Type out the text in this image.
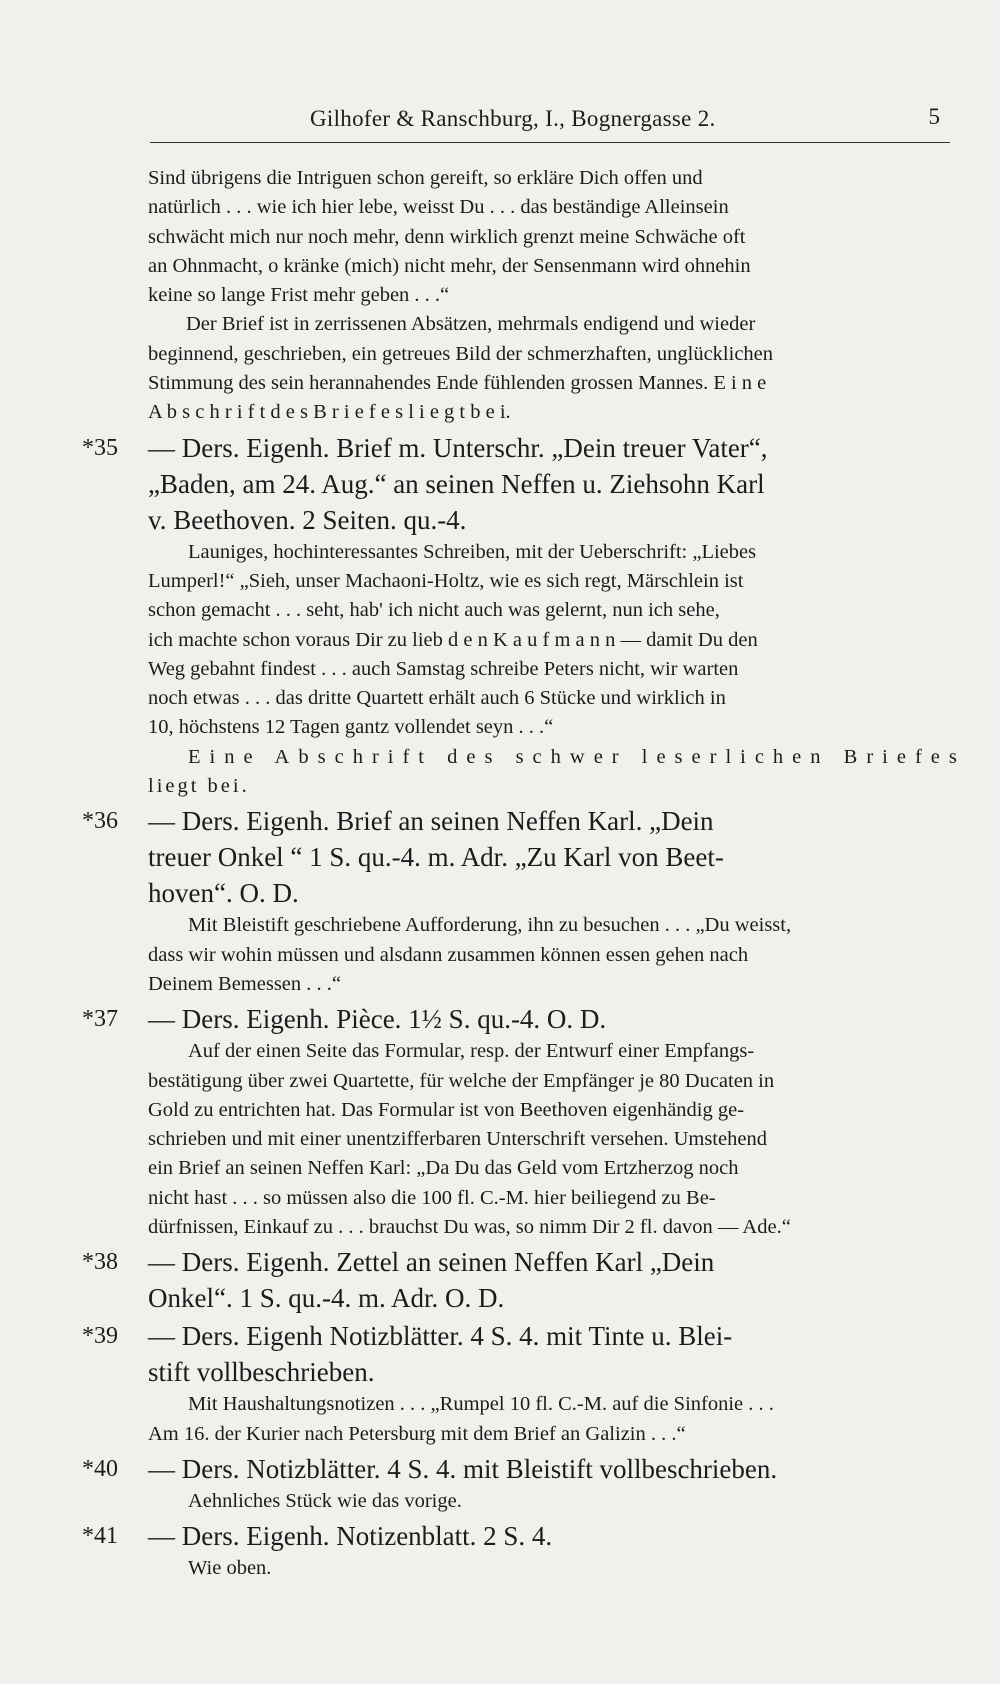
Gilhofer & Ranschburg, I., Bognergasse 2.	5
Sind übrigens die Intriguen schon gereift, so erkläre Dich offen und
natürlich . . . wie ich hier lebe, weisst Du . . . das beständige Alleinsein
schwächt mich nur noch mehr, denn wirklich grenzt meine Schwäche oft
an Ohnmacht, o kränke (mich) nicht mehr, der Sensenmann wird ohnehin
keine so lange Frist mehr geben . . .“
Der Brief ist in zerrissenen Absätzen, mehrmals endigend und wieder
beginnend, geschrieben, ein getreues Bild der schmerzhaften, unglücklichen
Stimmung des sein herannahendes Ende fühlenden grossen Mannes. E i n e
A b s c h r i f t d e s B r i e f e s l i e g t b e i.
*35 — Ders. Eigenh. Brief m. Unterschr. „Dein treuer Vater“,
„Baden, am 24. Aug.“ an seinen Neffen u. Ziehsohn Karl
v. Beethoven. 2 Seiten. qu.-4.
Launiges, hochinteressantes Schreiben, mit der Ueberschrift: „Liebes
Lumperl!“ „Sieh, unser Machaoni-Holtz, wie es sich regt, Märschlein ist
schon gemacht . . . seht, hab' ich nicht auch was gelernt, nun ich sehe,
ich machte schon voraus Dir zu lieb d e n K a u f m a n n — damit Du den
Weg gebahnt findest . . . auch Samstag schreibe Peters nicht, wir warten
noch etwas . . . das dritte Quartett erhält auch 6 Stücke und wirklich in
10, höchstens 12 Tagen gantz vollendet seyn . . .“
Eine Abschrift des schwer leserlichen Briefes
liegt bei.
*36 — Ders. Eigenh. Brief an seinen Neffen Karl. „Dein
treuer Onkel “ 1 S. qu.-4. m. Adr. „Zu Karl von Beet-
hoven“. O. D.
Mit Bleistift geschriebene Aufforderung, ihn zu besuchen . . . „Du weisst,
dass wir wohin müssen und alsdann zusammen können essen gehen nach
Deinem Bemessen . . .“
*37 — Ders. Eigenh. Pièce. 1½ S. qu.-4. O. D.
Auf der einen Seite das Formular, resp. der Entwurf einer Empfangs-
bestätigung über zwei Quartette, für welche der Empfänger je 80 Ducaten in
Gold zu entrichten hat. Das Formular ist von Beethoven eigenhändig ge-
schrieben und mit einer unentzifferbaren Unterschrift versehen. Umstehend
ein Brief an seinen Neffen Karl: „Da Du das Geld vom Ertzherzog noch
nicht hast . . . so müssen also die 100 fl. C.-M. hier beiliegend zu Be-
dürfnissen, Einkauf zu . . . brauchst Du was, so nimm Dir 2 fl. davon — Ade.“
*38 — Ders. Eigenh. Zettel an seinen Neffen Karl „Dein
Onkel“. 1 S. qu.-4. m. Adr. O. D.
*39 — Ders. Eigenh Notizblätter. 4 S. 4. mit Tinte u. Blei-
stift vollbeschrieben.
Mit Haushaltungsnotizen . . . „Rumpel 10 fl. C.-M. auf die Sinfonie . . .
Am 16. der Kurier nach Petersburg mit dem Brief an Galizin . . .“
*40 — Ders. Notizblätter. 4 S. 4. mit Bleistift vollbeschrieben.
Aehnliches Stück wie das vorige.
*41 — Ders. Eigenh. Notizenblatt. 2 S. 4.
Wie oben.
